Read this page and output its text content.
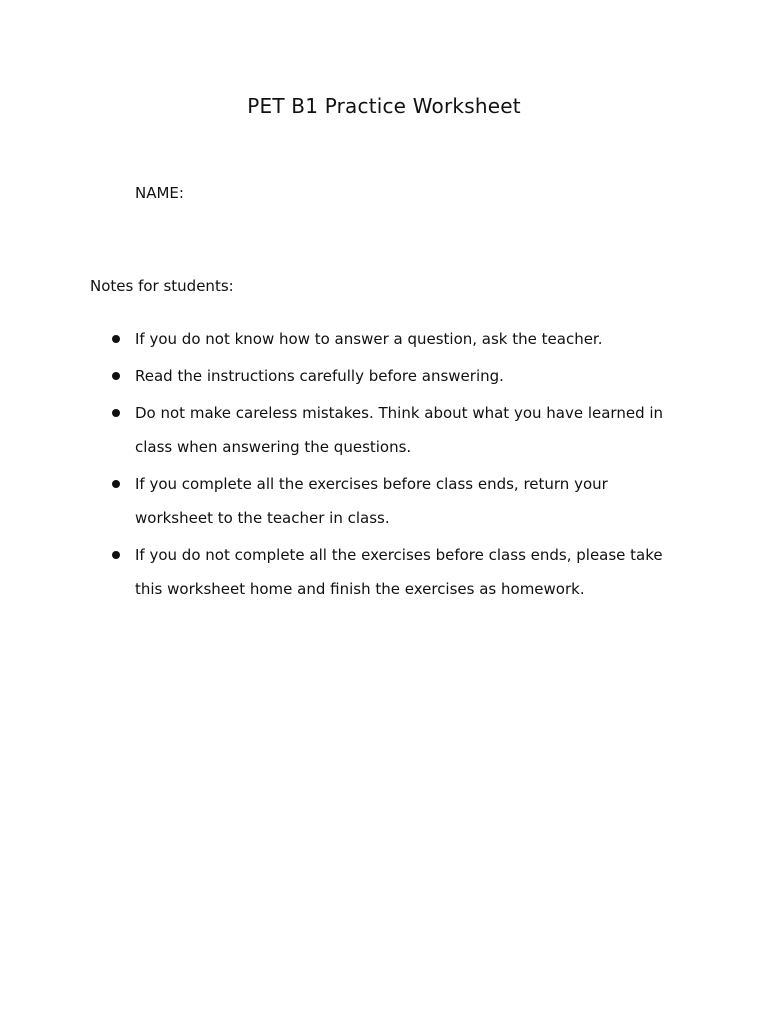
PET B1 Practice Worksheet
NAME:
Notes for students:
If you do not know how to answer a question, ask the teacher.
Read the instructions carefully before answering.
Do not make careless mistakes. Think about what you have learned in class when answering the questions.
If you complete all the exercises before class ends, return your worksheet to the teacher in class.
If you do not complete all the exercises before class ends, please take this worksheet home and finish the exercises as homework.
